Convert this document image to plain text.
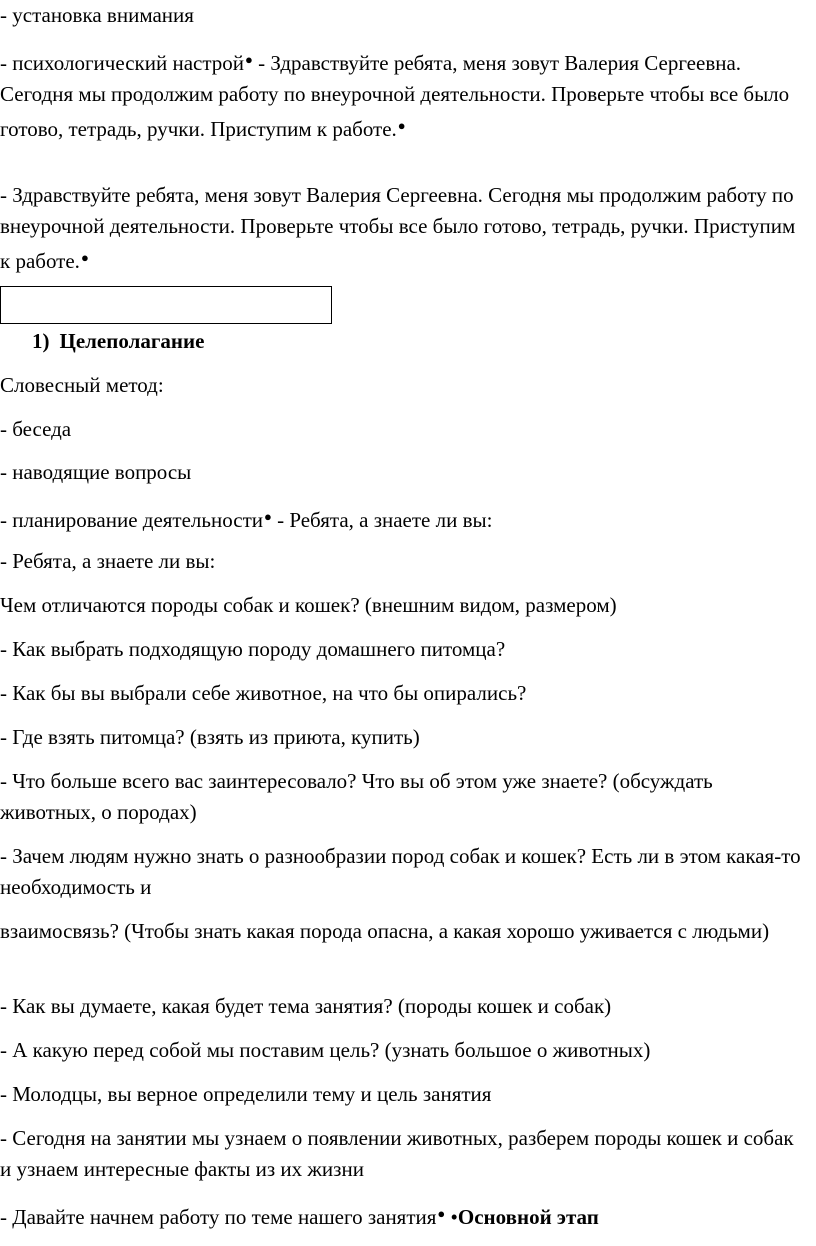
- установка внимания

- психологический настрой● - Здравствуйте ребята, меня зовут Валерия Сергеевна. Сегодня мы продолжим работу по внеурочной деятельности. Проверьте чтобы все было готово, тетрадь, ручки. Приступим к работе.●

- Здравствуйте ребята, меня зовут Валерия Сергеевна. Сегодня мы продолжим работу по внеурочной деятельности. Проверьте чтобы все было готово, тетрадь, ручки. Приступим к работе.●

1) Целеполагание

Словесный метод:

- беседа

- наводящие вопросы

- планирование деятельности● - Ребята, а знаете ли вы:

- Ребята, а знаете ли вы:

Чем отличаются породы собак и кошек? (внешним видом, размером)

- Как выбрать подходящую породу домашнего питомца?

- Как бы вы выбрали себе животное, на что бы опирались?

- Где взять питомца? (взять из приюта, купить)

- Что больше всего вас заинтересовало? Что вы об этом уже знаете? (обсуждать животных, о породах)

- Зачем людям нужно знать о разнообразии пород собак и кошек? Есть ли в этом какая-то необходимость и

взаимосвязь? (Чтобы знать какая порода опасна, а какая хорошо уживается с людьми)

- Как вы думаете, какая будет тема занятия? (породы кошек и собак)

- А какую перед собой мы поставим цель? (узнать большое о животных)

- Молодцы, вы верное определили тему и цель занятия

- Сегодня на занятии мы узнаем о появлении животных, разберем породы кошек и собак и узнаем интересные факты из их жизни

- Давайте начнем работу по теме нашего занятия● •Основной этап
